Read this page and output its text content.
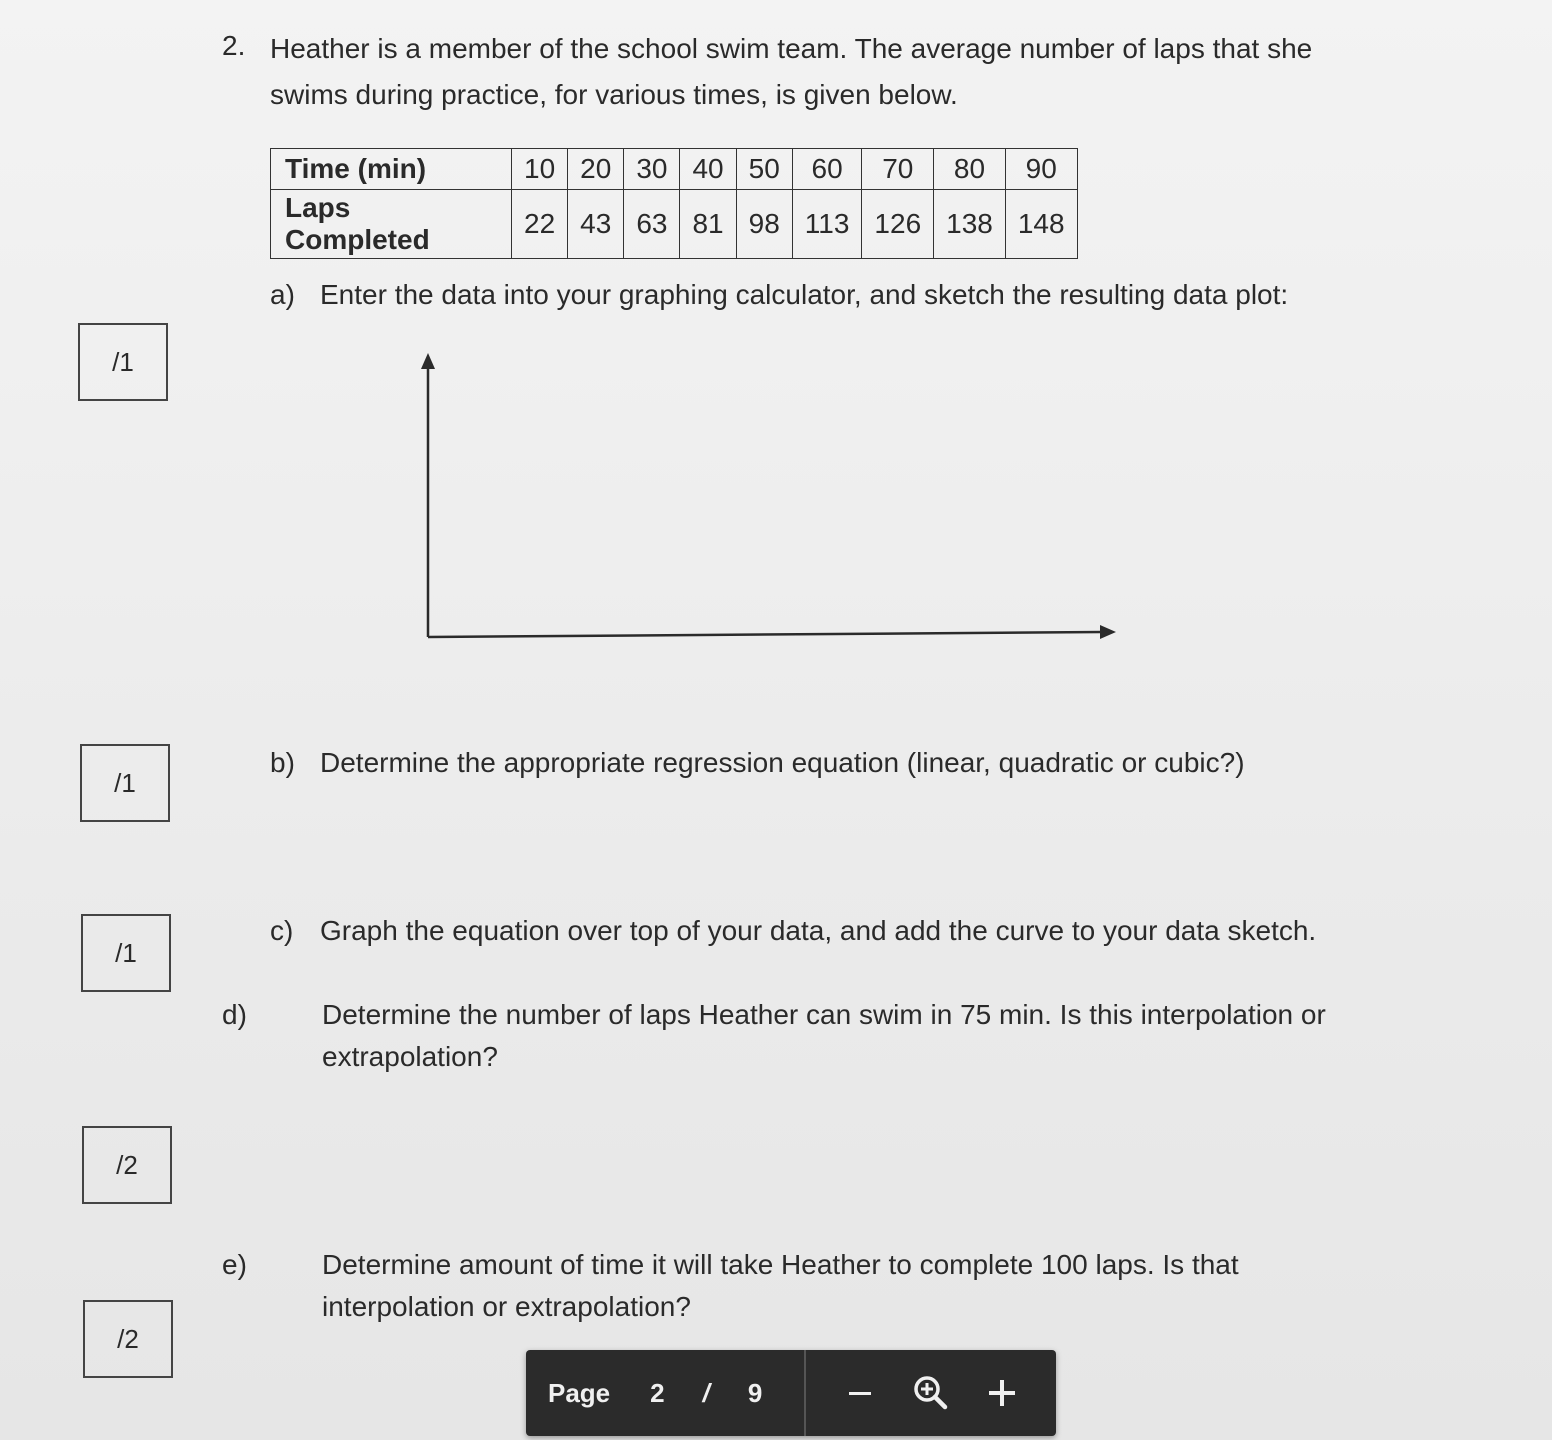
2. Heather is a member of the school swim team. The average number of laps that she swims during practice, for various times, is given below.
Time (min)	10	20	30	40	50	60	70	80	90
Laps Completed	22	43	63	81	98	113	126	138	148
a) Enter the data into your graphing calculator, and sketch the resulting data plot:
b) Determine the appropriate regression equation (linear, quadratic or cubic?)
c) Graph the equation over top of your data, and add the curve to your data sketch.
d)	Determine the number of laps Heather can swim in 75 min. Is this interpolation or extrapolation?
e)	Determine amount of time it will take Heather to complete 100 laps. Is that interpolation or extrapolation?
/1
/1
/1
/2
/2
Page 2 / 9
